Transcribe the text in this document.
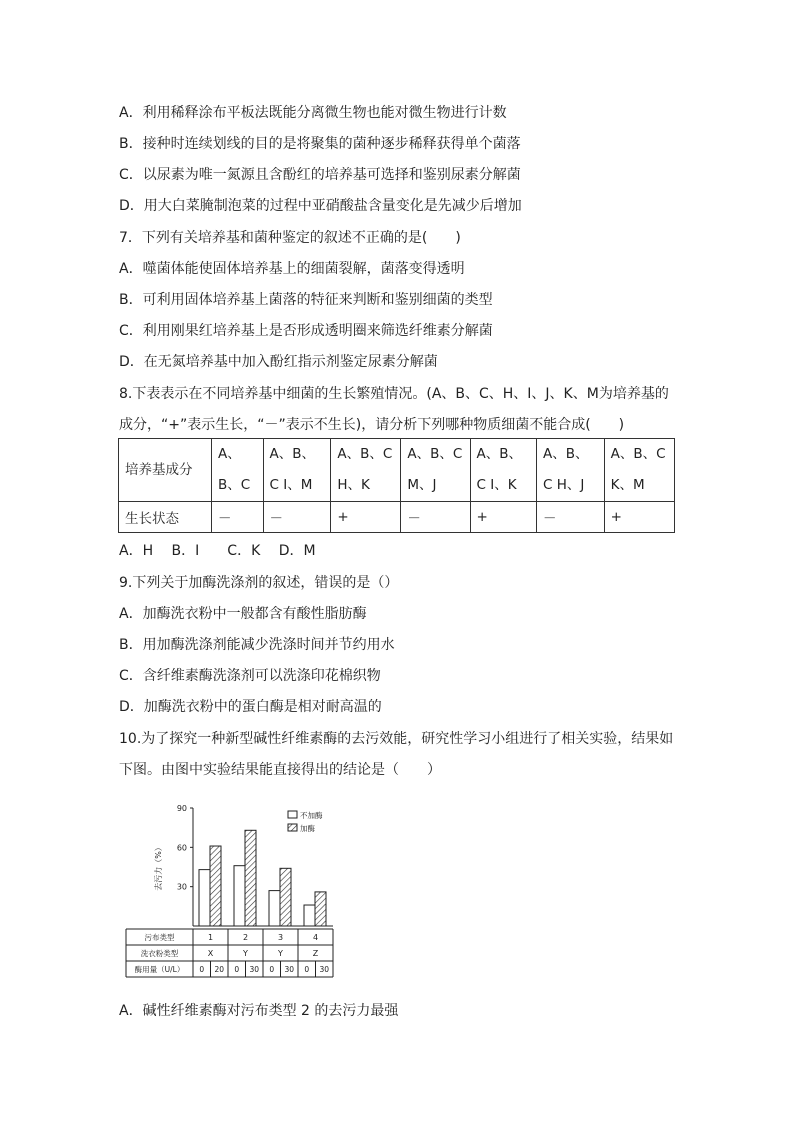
A．利用稀释涂布平板法既能分离微生物也能对微生物进行计数
B．接种时连续划线的目的是将聚集的菌种逐步稀释获得单个菌落
C．以尿素为唯一氮源且含酚红的培养基可选择和鉴别尿素分解菌
D．用大白菜腌制泡菜的过程中亚硝酸盐含量变化是先减少后增加
7．下列有关培养基和菌种鉴定的叙述不正确的是(　　)
A．噬菌体能使固体培养基上的细菌裂解，菌落变得透明
B．可利用固体培养基上菌落的特征来判断和鉴别细菌的类型
C．利用刚果红培养基上是否形成透明圈来筛选纤维素分解菌
D．在无氮培养基中加入酚红指示剂鉴定尿素分解菌
8.下表表示在不同培养基中细菌的生长繁殖情况。(A、B、C、H、I、J、K、M为培养基的
成分，“+”表示生长，“－”表示不生长)，请分析下列哪种物质细菌不能合成(　　)
培养基成分	A、B、C	A、B、C I、M	A、B、C H、K	A、B、C M、J	A、B、C I、K	A、B、C H、J	A、B、C K、M
生长状态	－	－	+	－	+	－	+
A．H　 B．I　　C．K　 D．M
9.下列关于加酶洗涤剂的叙述，错误的是（）
A．加酶洗衣粉中一般都含有酸性脂肪酶
B．用加酶洗涤剂能减少洗涤时间并节约用水
C．含纤维素酶洗涤剂可以洗涤印花棉织物
D．加酶洗衣粉中的蛋白酶是相对耐高温的
10.为了探究一种新型碱性纤维素酶的去污效能，研究性学习小组进行了相关实验，结果如
下图。由图中实验结果能直接得出的结论是（　　）
30
60
90
去污力（%）
不加酶
加酶
污布类型
洗衣粉类型
酶用量（U/L）
1	2	3	4
X	Y	Y	Z
0 20 0 30 0 30 0 30
A．碱性纤维素酶对污布类型 2 的去污力最强
